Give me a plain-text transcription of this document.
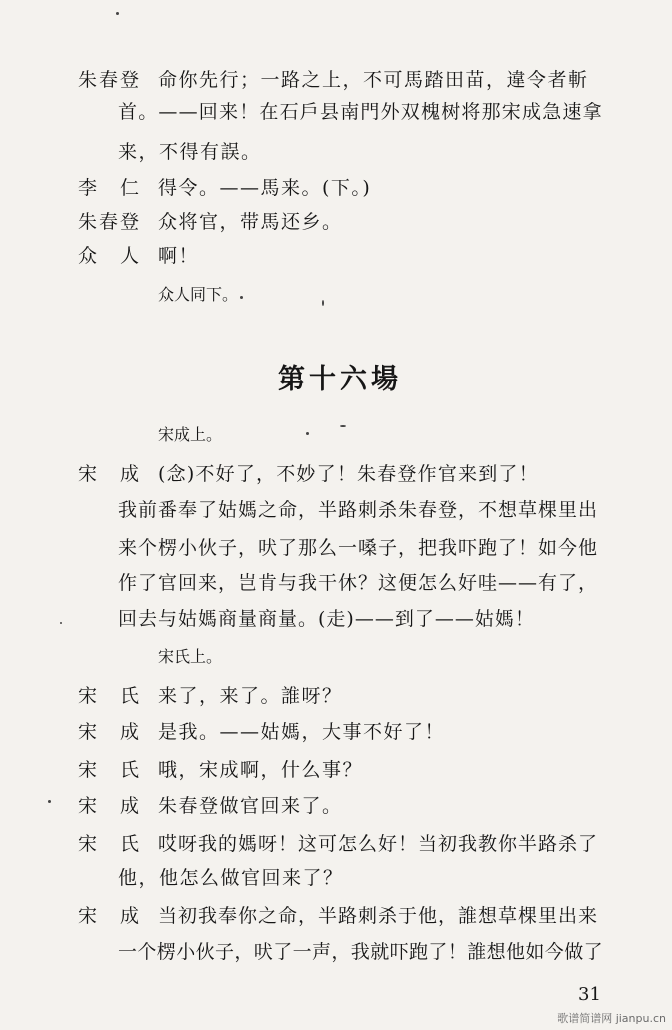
朱春登 命你先行；一路之上，不可馬踏田苗，違令者斬
首。——回来！在石戶县南門外双槐树将那宋成急速拿
来，不得有誤。
李　仁 得令。——馬来。(下。)
朱春登 众将官，带馬还乡。
众　人 啊！
众人同下。
第十六場
宋成上。
宋　成 (念)不好了，不妙了！朱春登作官来到了！
我前番奉了姑媽之命，半路刺杀朱春登，不想草棵里出
来个楞小伙子，吠了那么一嗓子，把我吓跑了！如今他
作了官回来，岂肯与我干休？这便怎么好哇——有了，
回去与姑媽商量商量。(走)——到了——姑媽！
宋氏上。
宋　氏 来了，来了。誰呀？
宋　成 是我。——姑媽，大事不好了！
宋　氏 哦，宋成啊，什么事？
宋　成 朱春登做官回来了。
宋　氏 哎呀我的媽呀！这可怎么好！当初我教你半路杀了
他，他怎么做官回来了？
宋　成 当初我奉你之命，半路刺杀于他，誰想草棵里出来
一个楞小伙子，吠了一声，我就吓跑了！誰想他如今做了
31
歌谱简谱网 jianpu.cn
